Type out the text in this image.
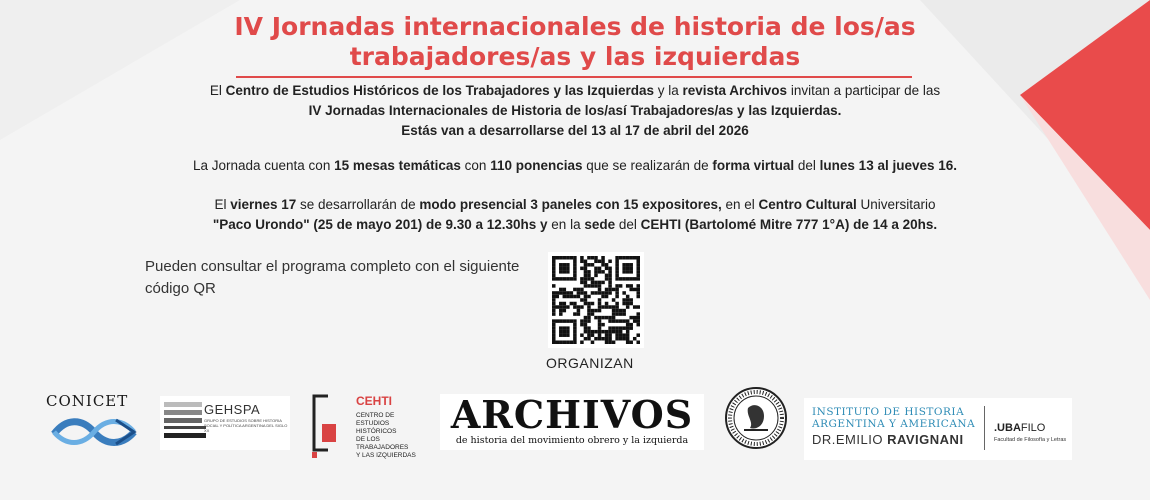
IV Jornadas internacionales de historia de los/as
trabajadores/as y las izquierdas
El Centro de Estudios Históricos de los Trabajadores y las Izquierdas y la revista Archivos invitan a participar de las
IV Jornadas Internacionales de Historia de los/así Trabajadores/as y las Izquierdas.
Estás van a desarrollarse del 13 al 17 de abril del 2026
La Jornada cuenta con 15 mesas temáticas con 110 ponencias que se realizarán de forma virtual del lunes 13 al jueves 16.
El viernes 17 se desarrollarán de modo presencial 3 paneles con 15 expositores, en el Centro Cultural Universitario
"Paco Urondo" (25 de mayo 201) de 9.30 a 12.30hs y en la sede del CEHTI (Bartolomé Mitre 777 1°A) de 14 a 20hs.
Pueden consultar el programa completo con el siguiente código QR
ORGANIZAN
CONICET	GEHSPA
GRUPO DE ESTUDIOS SOBRE HISTORIA SOCIAL Y POLÍTICA ARGENTINA DEL SIGLO XX
CEHTI
CENTRO DE
ESTUDIOS HISTÓRICOS
DE LOS TRABAJADORES
Y LAS IZQUIERDAS
ARCHIVOS
de historia del movimiento obrero y la izquierda
INSTITUTO DE HISTORIA
ARGENTINA Y AMERICANA
DR.EMILIO RAVIGNANI
.UBAFILO
Facultad de Filosofía y Letras
